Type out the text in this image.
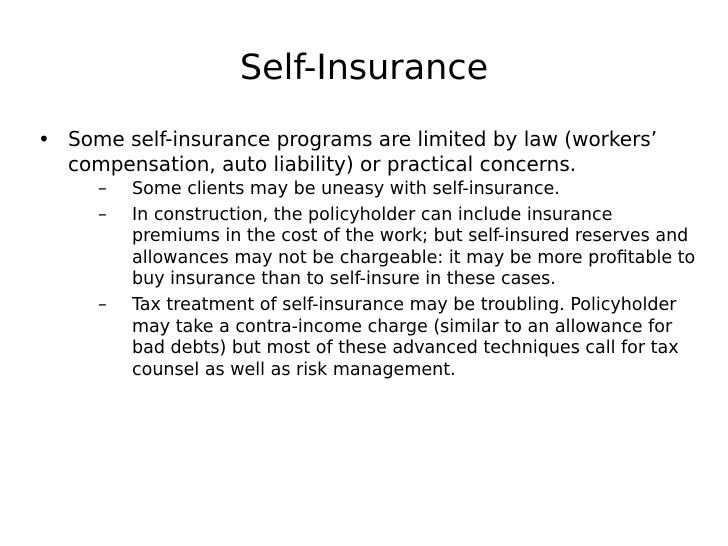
Self-Insurance
• Some self-insurance programs are limited by law (workers’ compensation, auto liability) or practical concerns.
–	Some clients may be uneasy with self-insurance.
–	In construction, the policyholder can include insurance premiums in the cost of the work; but self-insured reserves and allowances may not be chargeable: it may be more profitable to buy insurance than to self-insure in these cases.
–	Tax treatment of self-insurance may be troubling. Policyholder may take a contra-income charge (similar to an allowance for bad debts) but most of these advanced techniques call for tax counsel as well as risk management.
